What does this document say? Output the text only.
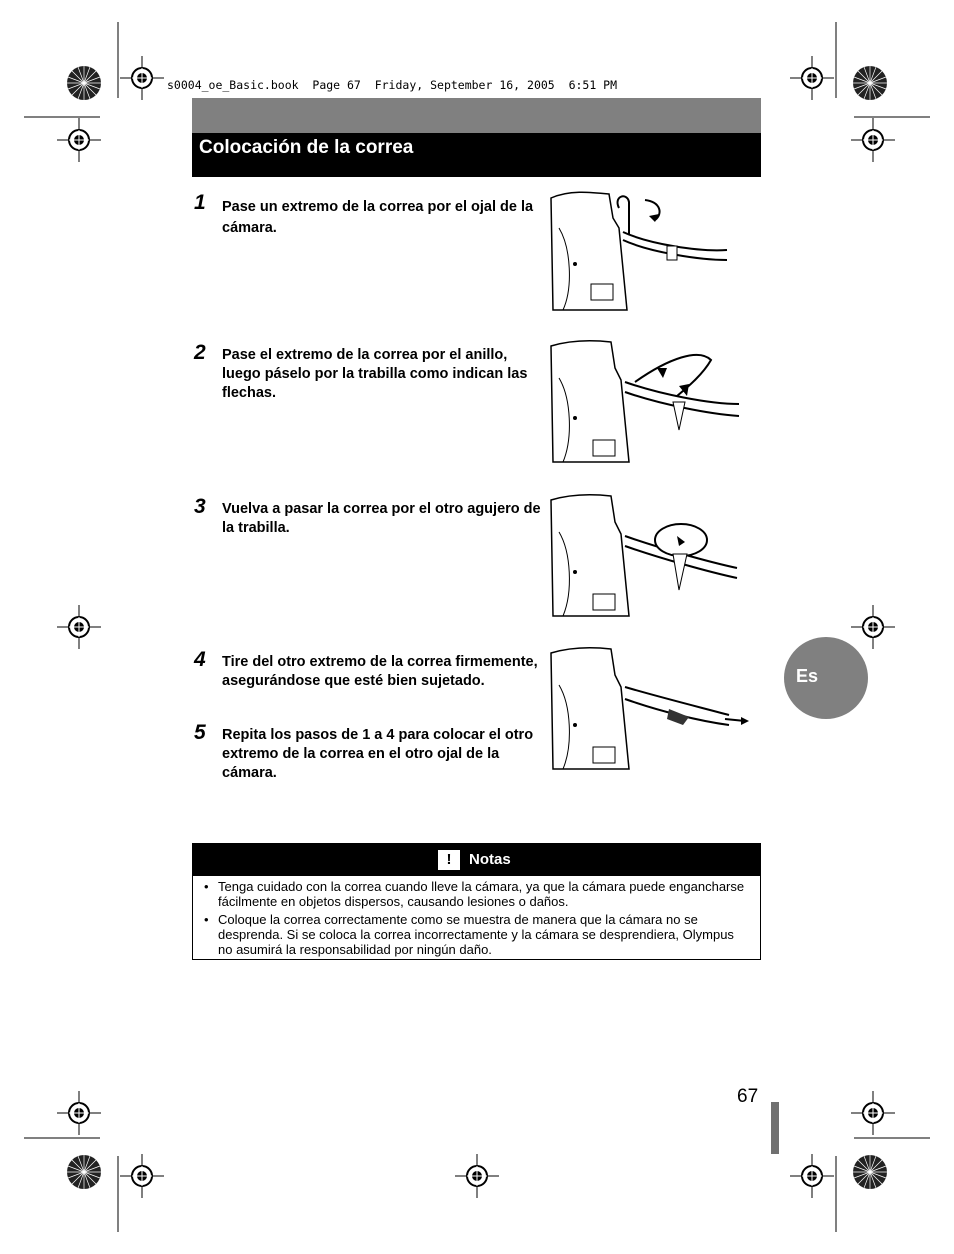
s0004_oe_Basic.book  Page 67  Friday, September 16, 2005  6:51 PM
Colocación de la correa
1 Pase un extremo de la correa por el ojal de la cámara.
2 Pase el extremo de la correa por el anillo, luego páselo por la trabilla como indican las flechas.
3 Vuelva a pasar la correa por el otro agujero de la trabilla.
4 Tire del otro extremo de la correa firmemente, asegurándose que esté bien sujetado.
5 Repita los pasos de 1 a 4 para colocar el otro extremo de la correa en el otro ojal de la cámara.
Es
!	Notas
• Tenga cuidado con la correa cuando lleve la cámara, ya que la cámara puede engancharse fácilmente en objetos dispersos, causando lesiones o daños.
• Coloque la correa correctamente como se muestra de manera que la cámara no se desprenda. Si se coloca la correa incorrectamente y la cámara se desprendiera, Olympus no asumirá la responsabilidad por ningún daño.
67
